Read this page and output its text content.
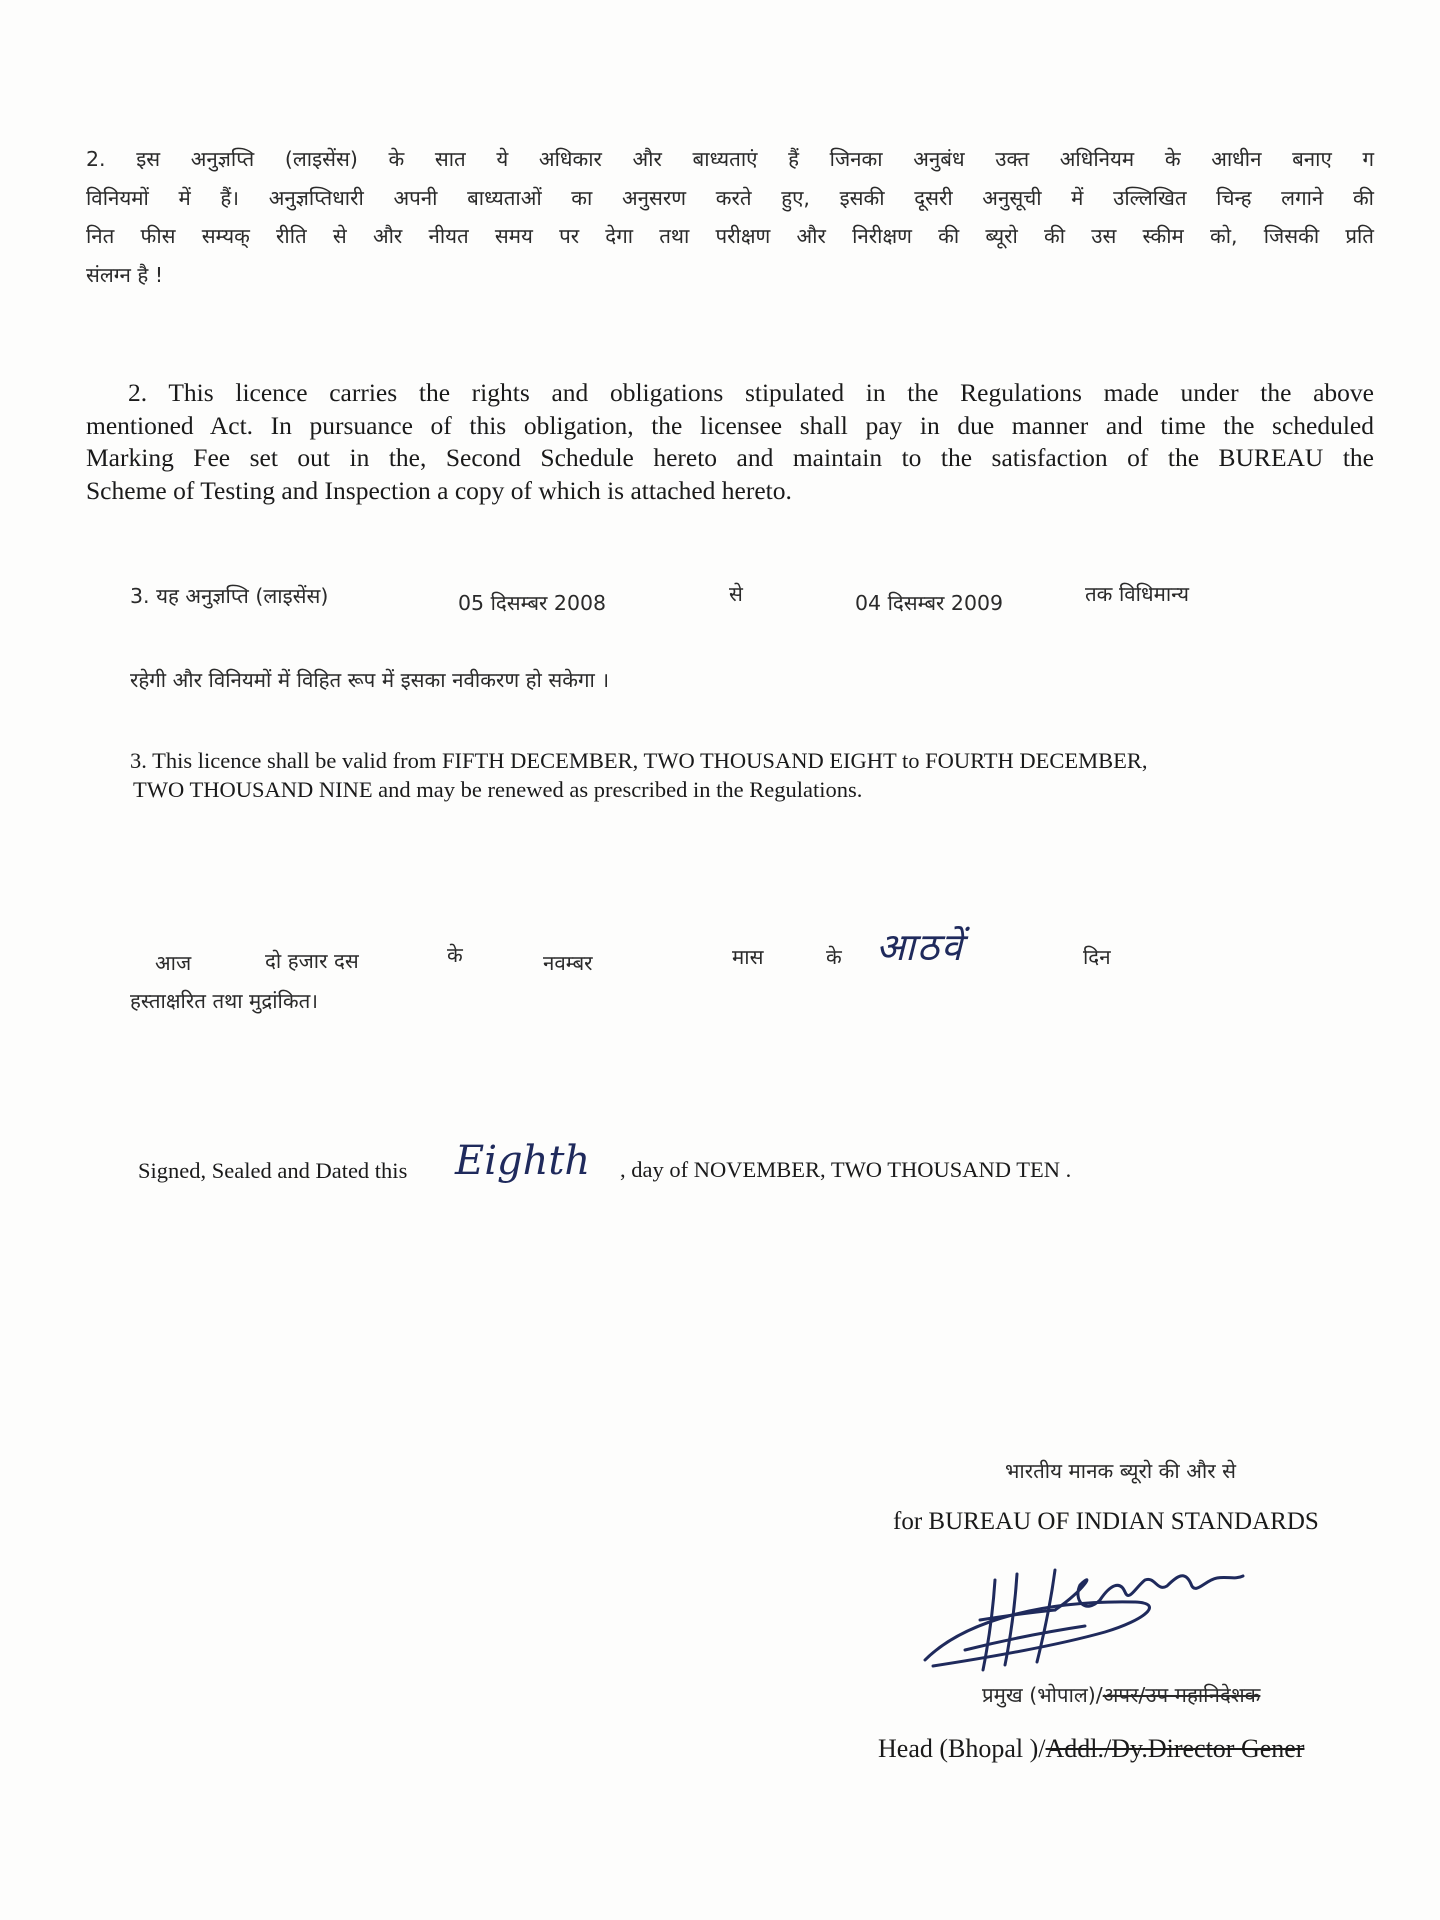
2. इस अनुज्ञप्ति (लाइसेंस) के सात ये अधिकार और बाध्यताएं हैं जिनका अनुबंध उक्त अधिनियम के आधीन बनाए ग
विनियमों में हैं। अनुज्ञप्तिधारी अपनी बाध्यताओं का अनुसरण करते हुए, इसकी दूसरी अनुसूची में उल्लिखित चिन्ह लगाने की
नित फीस सम्यक् रीति से और नीयत समय पर देगा तथा परीक्षण और निरीक्षण की ब्यूरो की उस स्कीम को, जिसकी प्रति
संलग्न है !
2. This licence carries the rights and obligations stipulated in the Regulations made under the above
mentioned Act. In pursuance of this obligation, the licensee shall pay in due manner and time the scheduled
Marking Fee set out in the, Second Schedule hereto and maintain to the satisfaction of the BUREAU the
Scheme of Testing and Inspection a copy of which is attached hereto.
3. यह अनुज्ञप्ति (लाइसेंस)	05 दिसम्बर 2008	से	04 दिसम्बर 2009	तक विधिमान्य
रहेगी और विनियमों में विहित रूप में इसका नवीकरण हो सकेगा ।
3. This licence shall be valid from FIFTH DECEMBER, TWO THOUSAND EIGHT to FOURTH DECEMBER,
TWO THOUSAND NINE and may be renewed as prescribed in the Regulations.
आज	दो हजार दस	के	नवम्बर	मास	के आठवें	दिन
हस्ताक्षरित तथा मुद्रांकित।
Signed, Sealed and Dated this Eighth , day of NOVEMBER, TWO THOUSAND TEN .
भारतीय मानक ब्यूरो की और से
for BUREAU OF INDIAN STANDARDS
प्रमुख (भोपाल)/अपर/उप महानिदेशक
Head (Bhopal )/Addl./Dy.Director Gener
